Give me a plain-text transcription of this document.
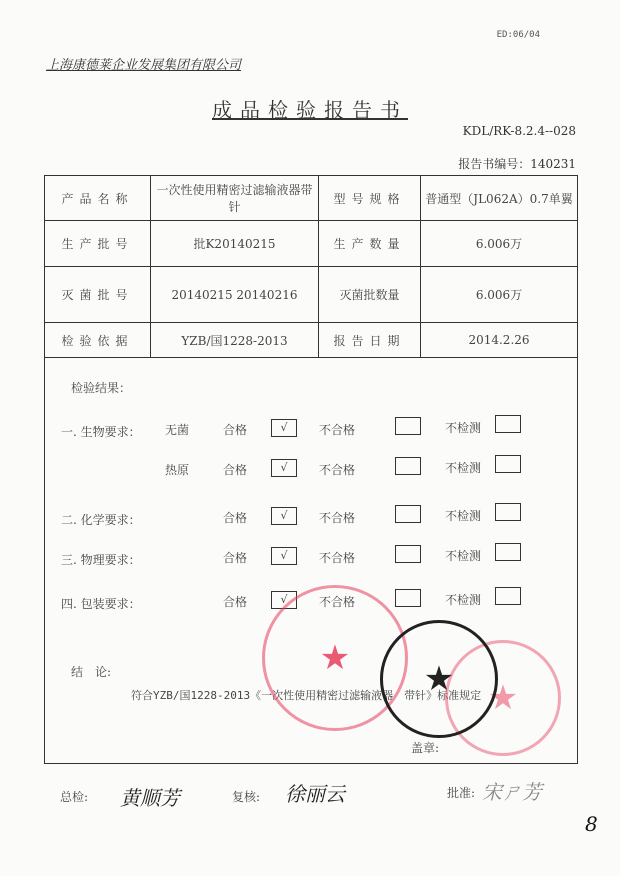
ED:06/04
上海康德莱企业发展集团有限公司
成品检验报告书
KDL/RK-8.2.4--028
报告书编号：140231
产品名称	一次性使用精密过滤输液器带针	型号规格	普通型（JL062A）0.7单翼
生产批号	批K20140215	生产数量	6.006万
灭菌批号	20140215 20140216	灭菌批数量	6.006万
检验依据	YZB/国1228-2013	报告日期	2014.2.26
检验结果：
一. 生物要求： 无菌	合格	√	不合格	不检测
热原	合格	√	不合格	不检测
二. 化学要求：	合格	√	不合格	不检测
三. 物理要求：	合格	√	不合格	不检测
四. 包装要求：	合格	√	不合格	不检测
结　论:
符合YZB/国1228-2013《一次性使用精密过滤输液器　带针》标准规定
盖章:
★
★
★
总检: 黄顺芳	复核: 徐丽云	批准: 宋ㄕ芳
8
